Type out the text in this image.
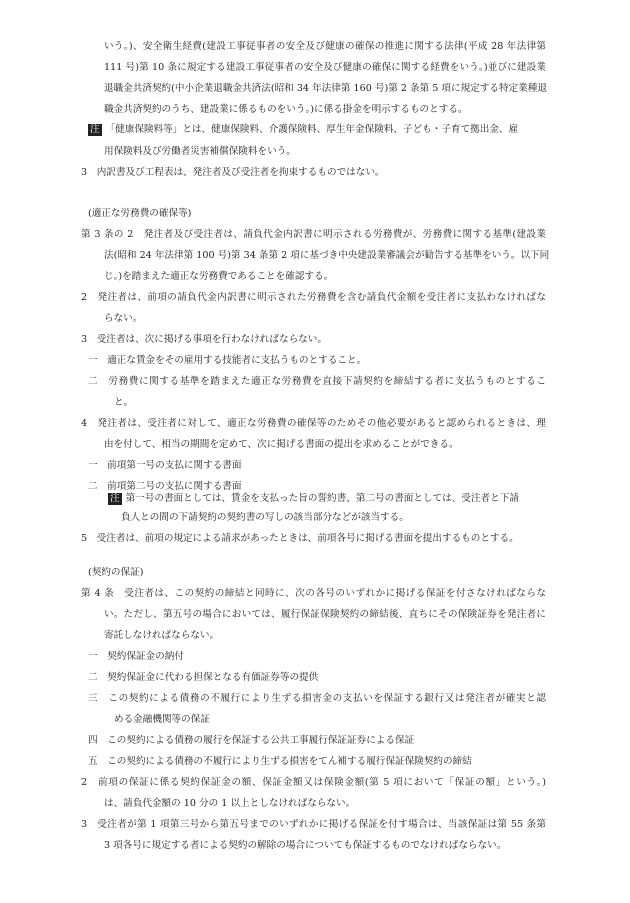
いう。)、安全衛生経費(建設工事従事者の安全及び健康の確保の推進に関する法律(平成 28 年法律第
111 号)第 10 条に規定する建設工事従事者の安全及び健康の確保に関する経費をいう。)並びに建設業
退職金共済契約(中小企業退職金共済法(昭和 34 年法律第 160 号)第 2 条第 5 項に規定する特定業種退
職金共済契約のうち、建設業に係るものをいう。)に係る掛金を明示するものとする。
注 「健康保険料等」とは、健康保険料、介護保険料、厚生年金保険料、子ども・子育て拠出金、雇
用保険料及び労働者災害補償保険料をいう。
3　内訳書及び工程表は、発注者及び受注者を拘束するものではない。
(適正な労務費の確保等)
第 3 条の 2　発注者及び受注者は、請負代金内訳書に明示される労務費が、労務費に関する基準(建設業
法(昭和 24 年法律第 100 号)第 34 条第 2 項に基づき中央建設業審議会が勧告する基準をいう。以下同
じ。)を踏まえた適正な労務費であることを確認する。
2　発注者は、前項の請負代金内訳書に明示された労務費を含む請負代金額を受注者に支払わなければな
らない。
3　受注者は、次に掲げる事項を行わなければならない。
一　適正な賃金をその雇用する技能者に支払うものとすること。
二　労務費に関する基準を踏まえた適正な労務費を直接下請契約を締結する者に支払うものとするこ
と。
4　発注者は、受注者に対して、適正な労務費の確保等のためその他必要があると認められるときは、理
由を付して、相当の期間を定めて、次に掲げる書面の提出を求めることができる。
一　前項第一号の支払に関する書面
二　前項第二号の支払に関する書面
注 第一号の書面としては、賃金を支払った旨の誓約書、第二号の書面としては、受注者と下請
負人との間の下請契約の契約書の写しの該当部分などが該当する。
5　受注者は、前項の規定による請求があったときは、前項各号に掲げる書面を提出するものとする。
(契約の保証)
第 4 条　受注者は、この契約の締結と同時に、次の各号のいずれかに掲げる保証を付さなければならな
い。ただし、第五号の場合においては、履行保証保険契約の締結後、直ちにその保険証券を発注者に
寄託しなければならない。
一　契約保証金の納付
二　契約保証金に代わる担保となる有価証券等の提供
三　この契約による債務の不履行により生ずる損害金の支払いを保証する銀行又は発注者が確実と認
める金融機関等の保証
四　この契約による債務の履行を保証する公共工事履行保証証券による保証
五　この契約による債務の不履行により生ずる損害をてん補する履行保証保険契約の締結
2　前項の保証に係る契約保証金の額、保証金額又は保険金額(第 5 項において「保証の額」という。)
は、請負代金額の 10 分の 1 以上としなければならない。
3　受注者が第 1 項第三号から第五号までのいずれかに掲げる保証を付す場合は、当該保証は第 55 条第
3 項各号に規定する者による契約の解除の場合についても保証するものでなければならない。
